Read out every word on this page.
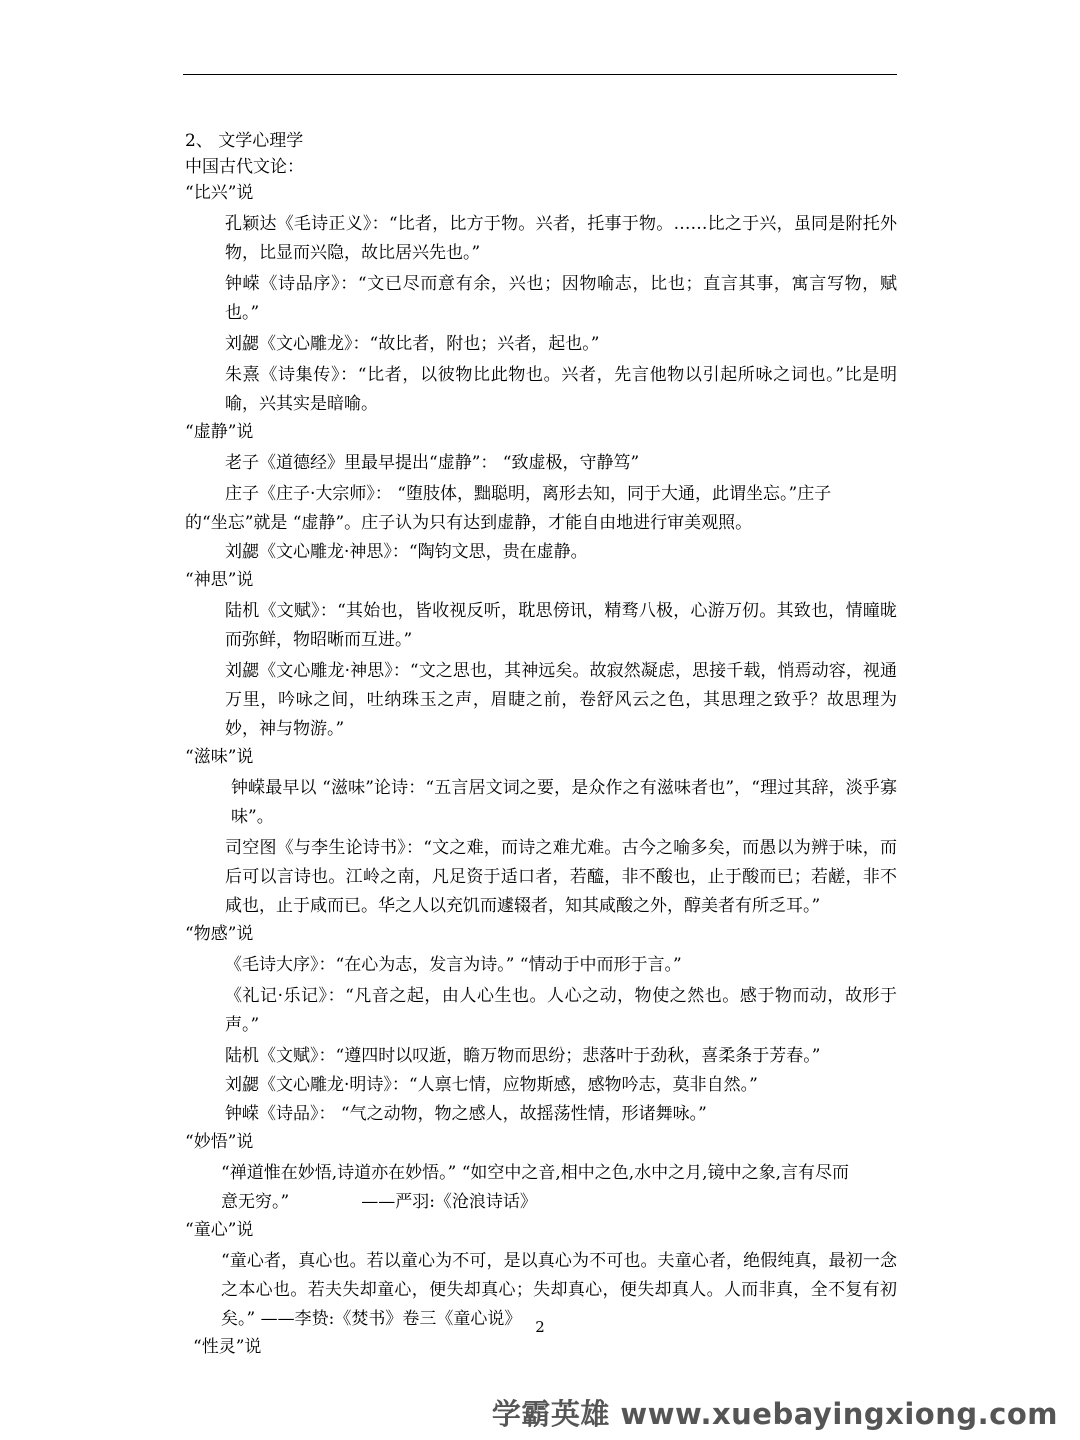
2、 文学心理学
中国古代文论：
“比兴”说
孔颖达《毛诗正义》：“比者，比方于物。兴者，托事于物。……比之于兴，虽同是附托外物，比显而兴隐，故比居兴先也。”
钟嵘《诗品序》：“文已尽而意有余，兴也；因物喻志，比也；直言其事，寓言写物，赋也。”
刘勰《文心雕龙》：“故比者，附也；兴者，起也。”
朱熹《诗集传》：“比者，以彼物比此物也。兴者，先言他物以引起所咏之词也。”比是明喻，兴其实是暗喻。
“虚静”说
老子《道德经》里最早提出“虚静”： “致虚极，守静笃”
庄子《庄子·大宗师》： “堕肢体，黜聪明，离形去知，同于大通，此谓坐忘。”庄子
的“坐忘”就是 “虚静”。庄子认为只有达到虚静，才能自由地进行审美观照。
刘勰《文心雕龙·神思》：“陶钧文思，贵在虚静。
“神思”说
陆机《文赋》：“其始也，皆收视反听，耽思傍讯，精骛八极，心游万仞。其致也，情曈昽而弥鲜，物昭晰而互进。”
刘勰《文心雕龙·神思》：“文之思也，其神远矣。故寂然凝虑，思接千载，悄焉动容，视通万里，吟咏之间，吐纳珠玉之声，眉睫之前，卷舒风云之色，其思理之致乎？故思理为妙，神与物游。”
“滋味”说
钟嵘最早以 “滋味”论诗：“五言居文词之要，是众作之有滋味者也”，“理过其辞，淡乎寡味”。
司空图《与李生论诗书》：“文之难，而诗之难尤难。古今之喻多矣，而愚以为辨于味，而后可以言诗也。江岭之南，凡足资于适口者，若醯，非不酸也，止于酸而已；若鹾，非不咸也，止于咸而已。华之人以充饥而遽辍者，知其咸酸之外，醇美者有所乏耳。”
“物感”说
《毛诗大序》：“在心为志，发言为诗。” “情动于中而形于言。”
《礼记·乐记》：“凡音之起，由人心生也。人心之动，物使之然也。感于物而动，故形于声。”
陆机《文赋》：“遵四时以叹逝，瞻万物而思纷；悲落叶于劲秋，喜柔条于芳春。”
刘勰《文心雕龙·明诗》：“人禀七情，应物斯感，感物吟志，莫非自然。”
钟嵘《诗品》： “气之动物，物之感人，故摇荡性情，形诸舞咏。”
“妙悟”说
“禅道惟在妙悟,诗道亦在妙悟。” “如空中之音,相中之色,水中之月,镜中之象,言有尽而
意无穷。”	——严羽:《沧浪诗话》
“童心”说
“童心者，真心也。若以童心为不可，是以真心为不可也。夫童心者，绝假纯真，最初一念之本心也。若夫失却童心，便失却真心；失却真心，便失却真人。人而非真，全不复有初矣。” ——李贽:《焚书》卷三《童心说》
“性灵”说
2
学霸英雄 www.xuebayingxiong.com
